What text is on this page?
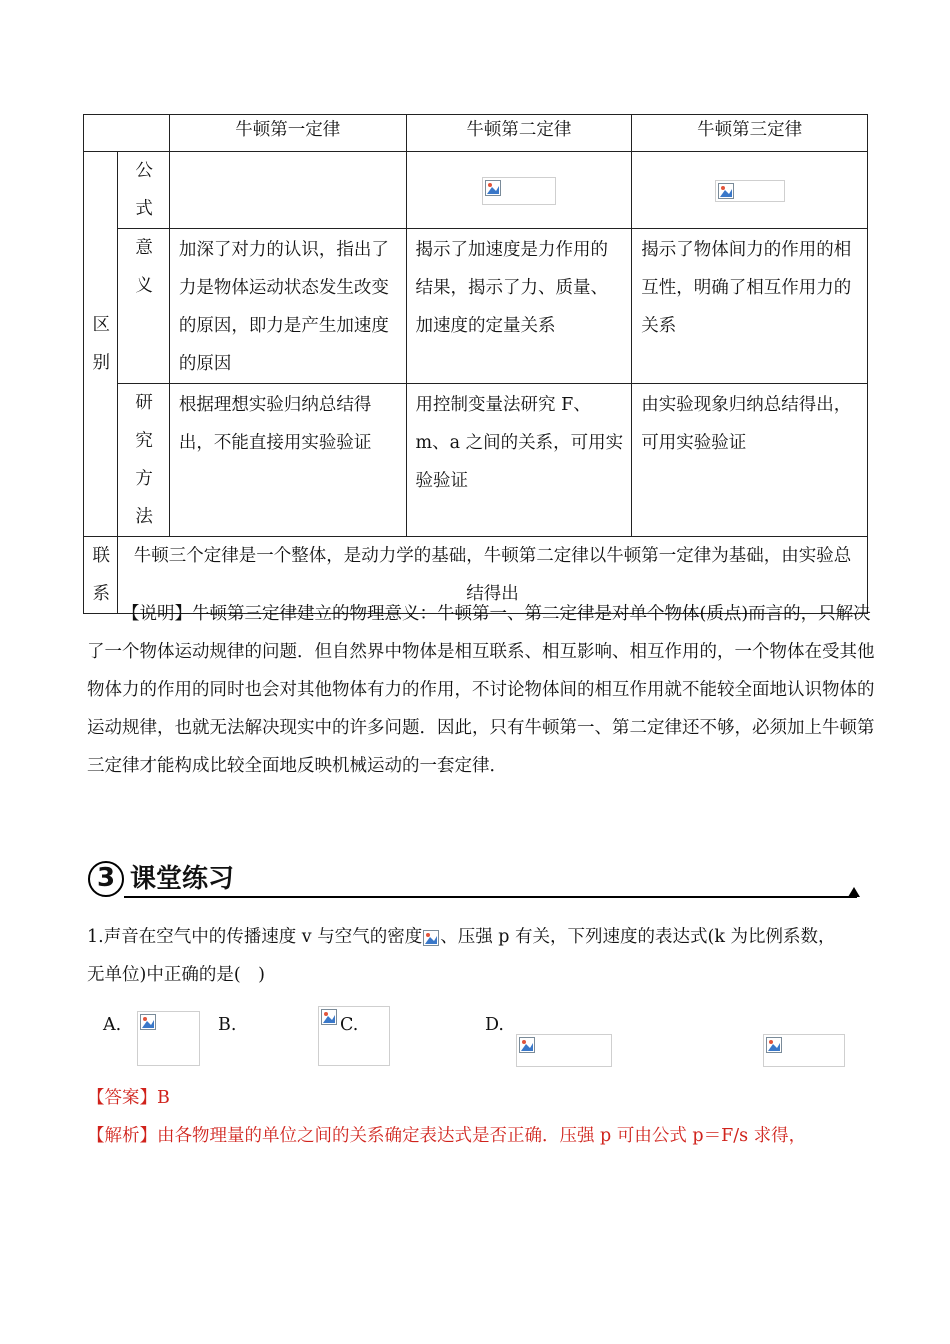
		牛顿第一定律	牛顿第二定律	牛顿第三定律

区别	公式

	意义	加深了对力的认识，指出了力是物体运动状态发生改变的原因，即力是产生加速度的原因	揭示了加速度是力作用的结果，揭示了力、质量、加速度的定量关系	揭示了物体间力的作用的相互性，明确了相互作用力的关系

	研究方法	根据理想实验归纳总结得出，不能直接用实验验证	用控制变量法研究 F、m、a 之间的关系，可用实验验证	由实验现象归纳总结得出，可用实验验证

联系	牛顿三个定律是一个整体，是动力学的基础，牛顿第二定律以牛顿第一定律为基础，由实验总结得出			
【说明】牛顿第三定律建立的物理意义：牛顿第一、第二定律是对单个物体(质点)而言的，只解决了一个物体运动规律的问题．但自然界中物体是相互联系、相互影响、相互作用的，一个物体在受其他物体力的作用的同时也会对其他物体有力的作用，不讨论物体间的相互作用就不能较全面地认识物体的运动规律，也就无法解决现实中的许多问题．因此，只有牛顿第一、第二定律还不够，必须加上牛顿第三定律才能构成比较全面地反映机械运动的一套定律．
3 课堂练习
1.声音在空气中的传播速度 v 与空气的密度 、压强 p 有关，下列速度的表达式(k 为比例系数，
无单位)中正确的是(　)
A.
	B.
	C.
	D.
【答案】B
【解析】由各物理量的单位之间的关系确定表达式是否正确．压强 p 可由公式 p＝F/s 求得，
